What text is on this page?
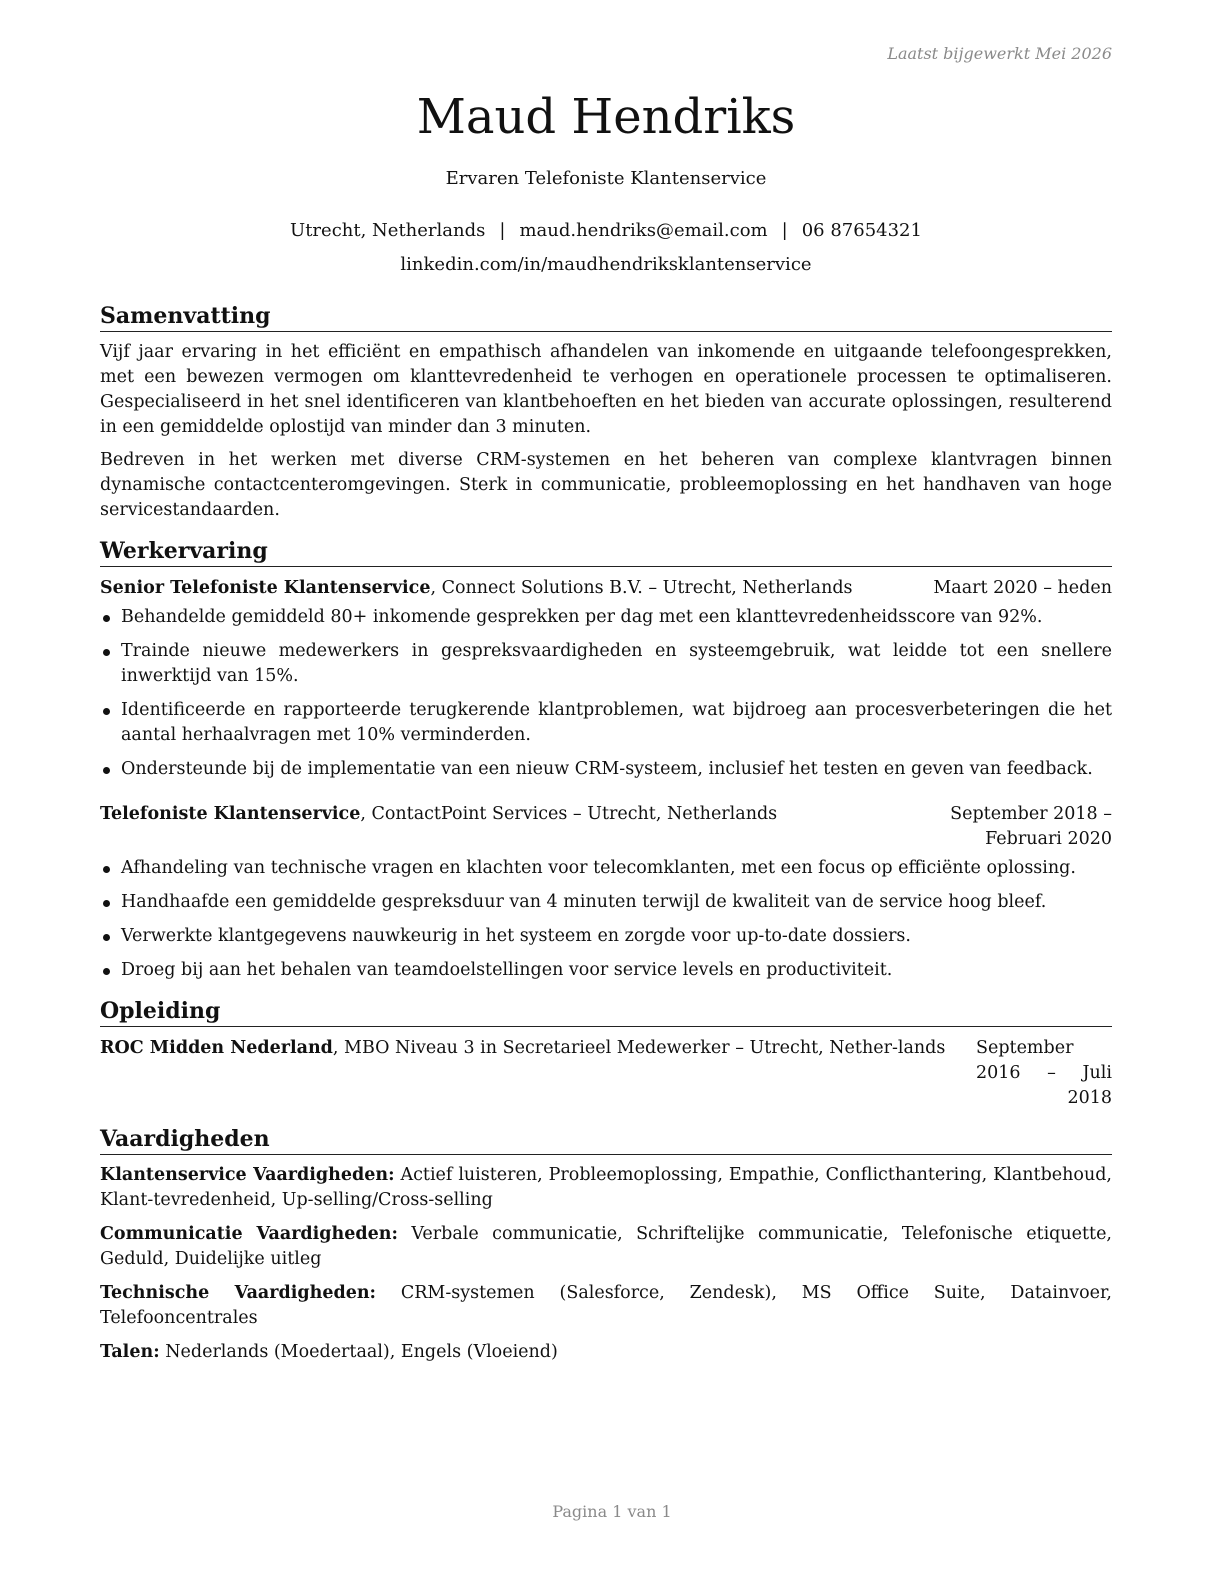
Laatst bijgewerkt Mei 2026
Maud Hendriks
Ervaren Telefoniste Klantenservice
Utrecht, Netherlands | maud.hendriks@email.com | 06 87654321
linkedin.com/in/maudhendriksklantenservice
Samenvatting

Vijf jaar ervaring in het efficiënt en empathisch afhandelen van inkomende en uitgaande telefoongesprekken, met een bewezen vermogen om klanttevredenheid te verhogen en operationele processen te optimaliseren. Gespecialiseerd in het snel identificeren van klantbehoeften en het bieden van accurate oplossingen, resulterend in een gemiddelde oplostijd van minder dan 3 minuten.

Bedreven in het werken met diverse CRM-systemen en het beheren van complexe klantvragen binnen dynamische contactcenteromgevingen. Sterk in communicatie, probleemoplossing en het handhaven van hoge servicestandaarden.

Werkervaring
Senior Telefoniste Klantenservice, Connect Solutions B.V. – Utrecht, Netherlands	Maart 2020 – heden
Behandelde gemiddeld 80+ inkomende gesprekken per dag met een klanttevredenheidsscore van 92%.
Trainde nieuwe medewerkers in gespreksvaardigheden en systeemgebruik, wat leidde tot een snellere inwerktijd van 15%.
Identificeerde en rapporteerde terugkerende klantproblemen, wat bijdroeg aan procesverbeteringen die het aantal herhaalvragen met 10% verminderden.
Ondersteunde bij de implementatie van een nieuw CRM-systeem, inclusief het testen en geven van feedback.
Telefoniste Klantenservice, ContactPoint Services – Utrecht, Netherlands	September 2018 – Februari 2020
Afhandeling van technische vragen en klachten voor telecomklanten, met een focus op efficiënte oplossing.
Handhaafde een gemiddelde gespreksduur van 4 minuten terwijl de kwaliteit van de service hoog bleef.
Verwerkte klantgegevens nauwkeurig in het systeem en zorgde voor up-to-date dossiers.
Droeg bij aan het behalen van teamdoelstellingen voor service levels en productiviteit.
Opleiding
ROC Midden Nederland, MBO Niveau 3 in Secretarieel Medewerker – Utrecht, Nether-lands	September 2016 – Juli
2018
Vaardigheden
Klantenservice Vaardigheden: Actief luisteren, Probleemoplossing, Empathie, Conflicthantering, Klantbehoud, Klant-tevredenheid, Up-selling/Cross-selling
Communicatie Vaardigheden: Verbale communicatie, Schriftelijke communicatie, Telefonische etiquette, Geduld, Duidelijke uitleg
Technische Vaardigheden: CRM-systemen (Salesforce, Zendesk), MS Office Suite, Datainvoer, Telefooncentrales
Talen: Nederlands (Moedertaal), Engels (Vloeiend)
Pagina 1 van 1
